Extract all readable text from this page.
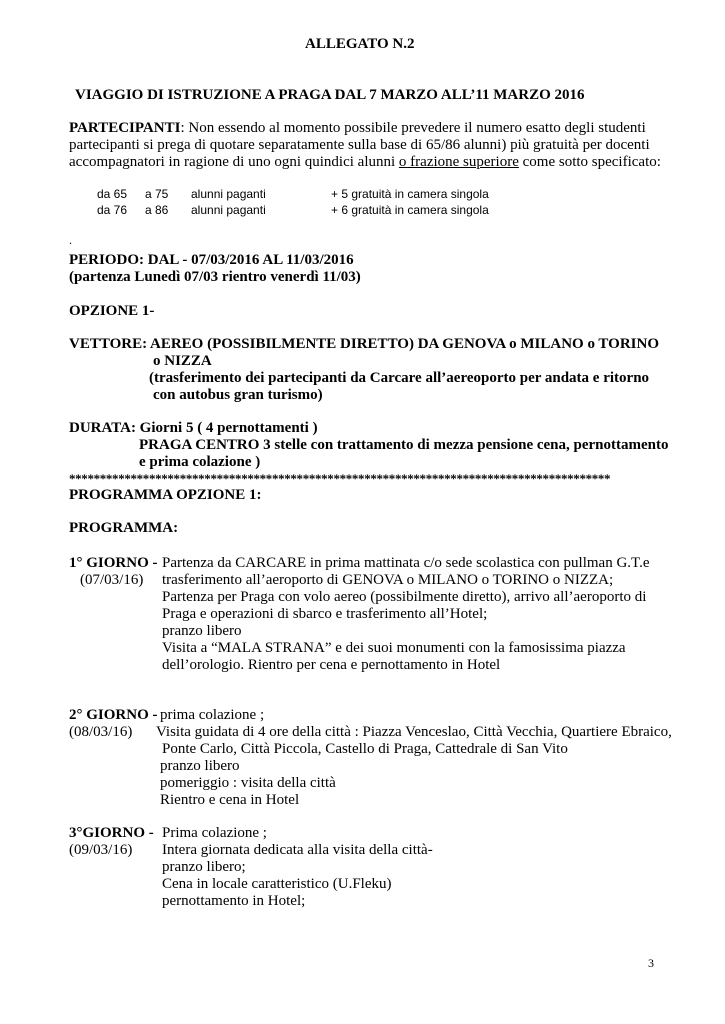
ALLEGATO N.2
VIAGGIO DI ISTRUZIONE A PRAGA DAL 7 MARZO ALL’11 MARZO 2016
PARTECIPANTI: Non essendo al momento possibile prevedere il numero esatto degli studenti
partecipanti si prega di quotare separatamente sulla base di 65/86 alunni) più gratuità per docenti
accompagnatori in ragione di uno ogni quindici alunni o frazione superiore come sotto specificato:
da 65 a 75 alunni paganti	+ 5 gratuità in camera singola
da 76 a 86 alunni paganti	+ 6 gratuità in camera singola
.
PERIODO: DAL - 07/03/2016 AL 11/03/2016
(partenza Lunedì 07/03 rientro venerdì 11/03)
OPZIONE 1-
VETTORE: AEREO (POSSIBILMENTE DIRETTO) DA GENOVA o MILANO o TORINO
o NIZZA
(trasferimento dei partecipanti da Carcare all’aereoporto per andata e ritorno
con autobus gran turismo)
DURATA: Giorni 5 ( 4 pernottamenti )
PRAGA CENTRO 3 stelle con trattamento di mezza pensione cena, pernottamento
e prima colazione )
****************************************************************************************
PROGRAMMA OPZIONE 1:
PROGRAMMA:
1° GIORNO - Partenza da CARCARE in prima mattinata c/o sede scolastica con pullman G.T.e
(07/03/16) trasferimento all’aeroporto di GENOVA o MILANO o TORINO o NIZZA;
Partenza per Praga con volo aereo (possibilmente diretto), arrivo all’aeroporto di
Praga e operazioni di sbarco e trasferimento all’Hotel;
pranzo libero
Visita a “MALA STRANA” e dei suoi monumenti con la famosissima piazza
dell’orologio. Rientro per cena e pernottamento in Hotel
2° GIORNO - prima colazione ;
(08/03/16) Visita guidata di 4 ore della città : Piazza Venceslao, Città Vecchia, Quartiere Ebraico,
Ponte Carlo, Città Piccola, Castello di Praga, Cattedrale di San Vito
pranzo libero
pomeriggio : visita della città
Rientro e cena in Hotel
3°GIORNO - Prima colazione ;
(09/03/16) Intera giornata dedicata alla visita della città-
pranzo libero;
Cena in locale caratteristico (U.Fleku)
pernottamento in Hotel;
3
